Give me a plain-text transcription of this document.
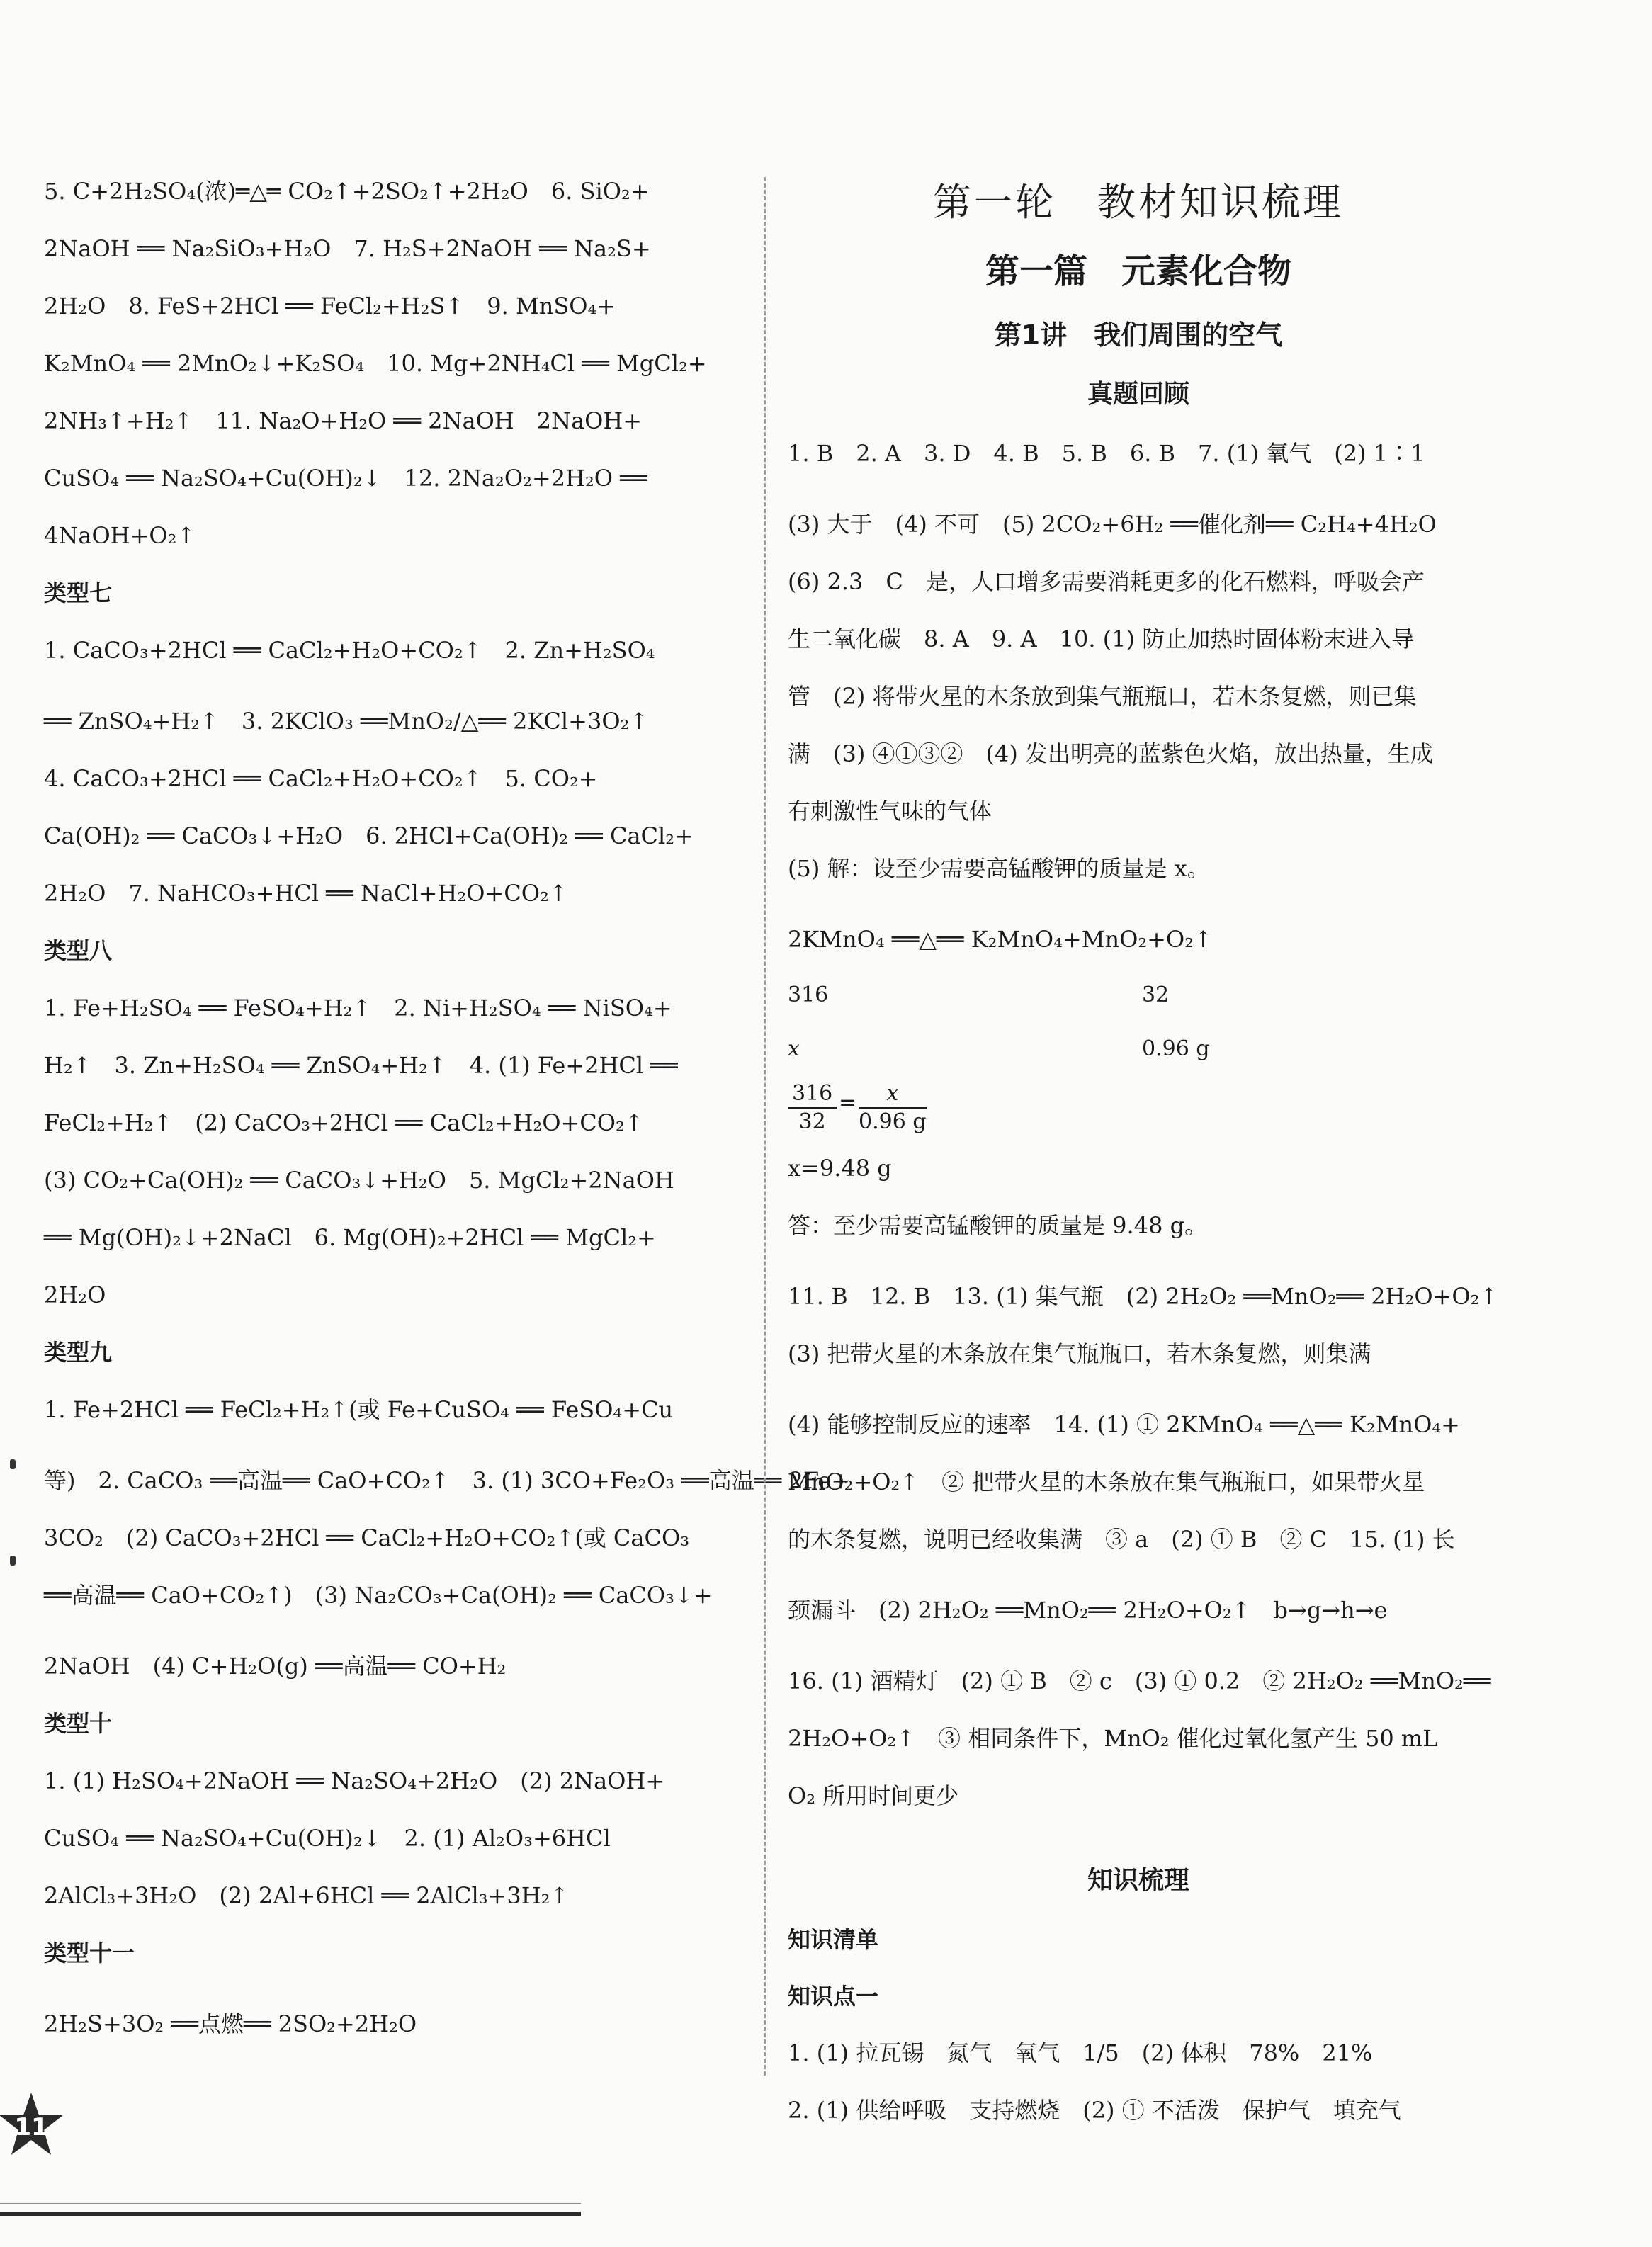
5. C+2H₂SO₄(浓)═△═ CO₂↑+2SO₂↑+2H₂O　6. SiO₂+
2NaOH ══ Na₂SiO₃+H₂O　7. H₂S+2NaOH ══ Na₂S+
2H₂O　8. FeS+2HCl ══ FeCl₂+H₂S↑　9. MnSO₄+
K₂MnO₄ ══ 2MnO₂↓+K₂SO₄　10. Mg+2NH₄Cl ══ MgCl₂+
2NH₃↑+H₂↑　11. Na₂O+H₂O ══ 2NaOH　2NaOH+
CuSO₄ ══ Na₂SO₄+Cu(OH)₂↓　12. 2Na₂O₂+2H₂O ══
4NaOH+O₂↑
类型七
1. CaCO₃+2HCl ══ CaCl₂+H₂O+CO₂↑　2. Zn+H₂SO₄
══ ZnSO₄+H₂↑　3. 2KClO₃ ══MnO₂/△══ 2KCl+3O₂↑
4. CaCO₃+2HCl ══ CaCl₂+H₂O+CO₂↑　5. CO₂+
Ca(OH)₂ ══ CaCO₃↓+H₂O　6. 2HCl+Ca(OH)₂ ══ CaCl₂+
2H₂O　7. NaHCO₃+HCl ══ NaCl+H₂O+CO₂↑
类型八
1. Fe+H₂SO₄ ══ FeSO₄+H₂↑　2. Ni+H₂SO₄ ══ NiSO₄+
H₂↑　3. Zn+H₂SO₄ ══ ZnSO₄+H₂↑　4. (1) Fe+2HCl ══
FeCl₂+H₂↑　(2) CaCO₃+2HCl ══ CaCl₂+H₂O+CO₂↑
(3) CO₂+Ca(OH)₂ ══ CaCO₃↓+H₂O　5. MgCl₂+2NaOH
══ Mg(OH)₂↓+2NaCl　6. Mg(OH)₂+2HCl ══ MgCl₂+
2H₂O
类型九
1. Fe+2HCl ══ FeCl₂+H₂↑(或 Fe+CuSO₄ ══ FeSO₄+Cu
等)　2. CaCO₃ ══高温══ CaO+CO₂↑　3. (1) 3CO+Fe₂O₃ ══高温══ 2Fe+
3CO₂　(2) CaCO₃+2HCl ══ CaCl₂+H₂O+CO₂↑(或 CaCO₃
══高温══ CaO+CO₂↑)　(3) Na₂CO₃+Ca(OH)₂ ══ CaCO₃↓+
2NaOH　(4) C+H₂O(g) ══高温══ CO+H₂
类型十
1. (1) H₂SO₄+2NaOH ══ Na₂SO₄+2H₂O　(2) 2NaOH+
CuSO₄ ══ Na₂SO₄+Cu(OH)₂↓　2. (1) Al₂O₃+6HCl
2AlCl₃+3H₂O　(2) 2Al+6HCl ══ 2AlCl₃+3H₂↑
类型十一
2H₂S+3O₂ ══点燃══ 2SO₂+2H₂O
第一轮　教材知识梳理
第一篇　元素化合物
第1讲　我们周围的空气
真题回顾
1. B　2. A　3. D　4. B　5. B　6. B　7. (1) 氧气　(2) 1∶1
(3) 大于　(4) 不可　(5) 2CO₂+6H₂ ══催化剂══ C₂H₄+4H₂O
(6) 2.3　C　是，人口增多需要消耗更多的化石燃料，呼吸会产
生二氧化碳　8. A　9. A　10. (1) 防止加热时固体粉末进入导
管　(2) 将带火星的木条放到集气瓶瓶口，若木条复燃，则已集
满　(3) ④①③②　(4) 发出明亮的蓝紫色火焰，放出热量，生成
有刺激性气味的气体
(5) 解：设至少需要高锰酸钾的质量是 x。
2KMnO₄ ══△══ K₂MnO₄+MnO₂+O₂↑
316	32
x	0.96 g
$\frac{316}{32} = \frac{x}{0.96 g}$
x=9.48 g
答：至少需要高锰酸钾的质量是 9.48 g。
11. B　12. B　13. (1) 集气瓶　(2) 2H₂O₂ ══MnO₂══ 2H₂O+O₂↑
(3) 把带火星的木条放在集气瓶瓶口，若木条复燃，则集满
(4) 能够控制反应的速率　14. (1) ① 2KMnO₄ ══△══ K₂MnO₄+
MnO₂+O₂↑　② 把带火星的木条放在集气瓶瓶口，如果带火星
的木条复燃，说明已经收集满　③ a　(2) ① B　② C　15. (1) 长
颈漏斗　(2) 2H₂O₂ ══MnO₂══ 2H₂O+O₂↑　b→g→h→e
16. (1) 酒精灯　(2) ① B　② c　(3) ① 0.2　② 2H₂O₂ ══MnO₂══
2H₂O+O₂↑　③ 相同条件下，MnO₂ 催化过氧化氢产生 50 mL
O₂ 所用时间更少
知识梳理
知识清单
知识点一
1. (1) 拉瓦锡　氮气　氧气　1/5　(2) 体积　78%　21%
2. (1) 供给呼吸　支持燃烧　(2) ① 不活泼　保护气　填充气
11
